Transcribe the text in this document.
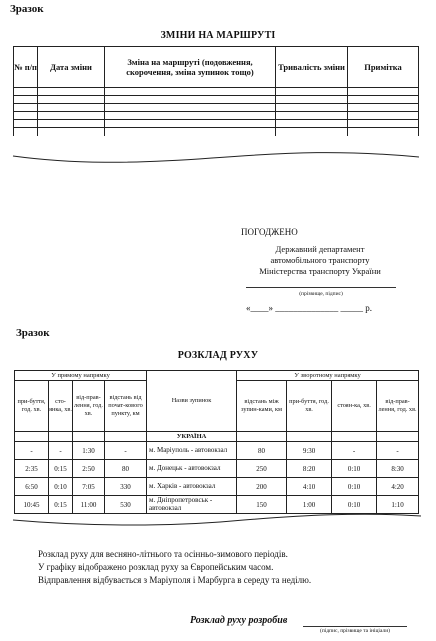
Зразок
ЗМІНИ НА МАРШРУТІ
№ п/п	Дата зміни	Зміна на маршруті (подовження, скорочення, зміна зупинок тощо)	Тривалість зміни	Примітка

ПОГОДЖЕНО
Державний департамент
автомобільного транспорту
Міністерства транспорту України
(прізвище, підпис)
«____» ______________ _____ р.
Зразок
РОЗКЛАД РУХУ
У прямому напрямку				Назви зупинок	У зворотному напрямку			
при-буття, год. хв.	сто-янка, хв.	від-прав-лення, год. хв.	відстань від почат-кового пункту, км		відстань між зупин-ками, км	при-буття, год. хв.	стоян-ка, хв.	від-прав-лення, год. хв.
				УКРАЇНА				
-	-	1:30	-	м. Маріуполь - автовокзал	80	9:30	-	-
2:35	0:15	2:50	80	м. Донецьк - автовокзал	250	8:20	0:10	8:30
6:50	0:10	7:05	330	м. Харків - автовокзал	200	4:10	0:10	4:20
10:45	0:15	11:00	530	м. Дніпропетровськ - автовокзал	150	1:00	0:10	1:10
Розклад руху для весняно-літнього та осінньо-зимового періодів.
У графіку відображено розклад руху за Європейським часом.
Відправлення відбувається з Маріуполя і Марбурга в середу та неділю.
Розклад руху розробив
(підпис, прізвище та ініціали)
